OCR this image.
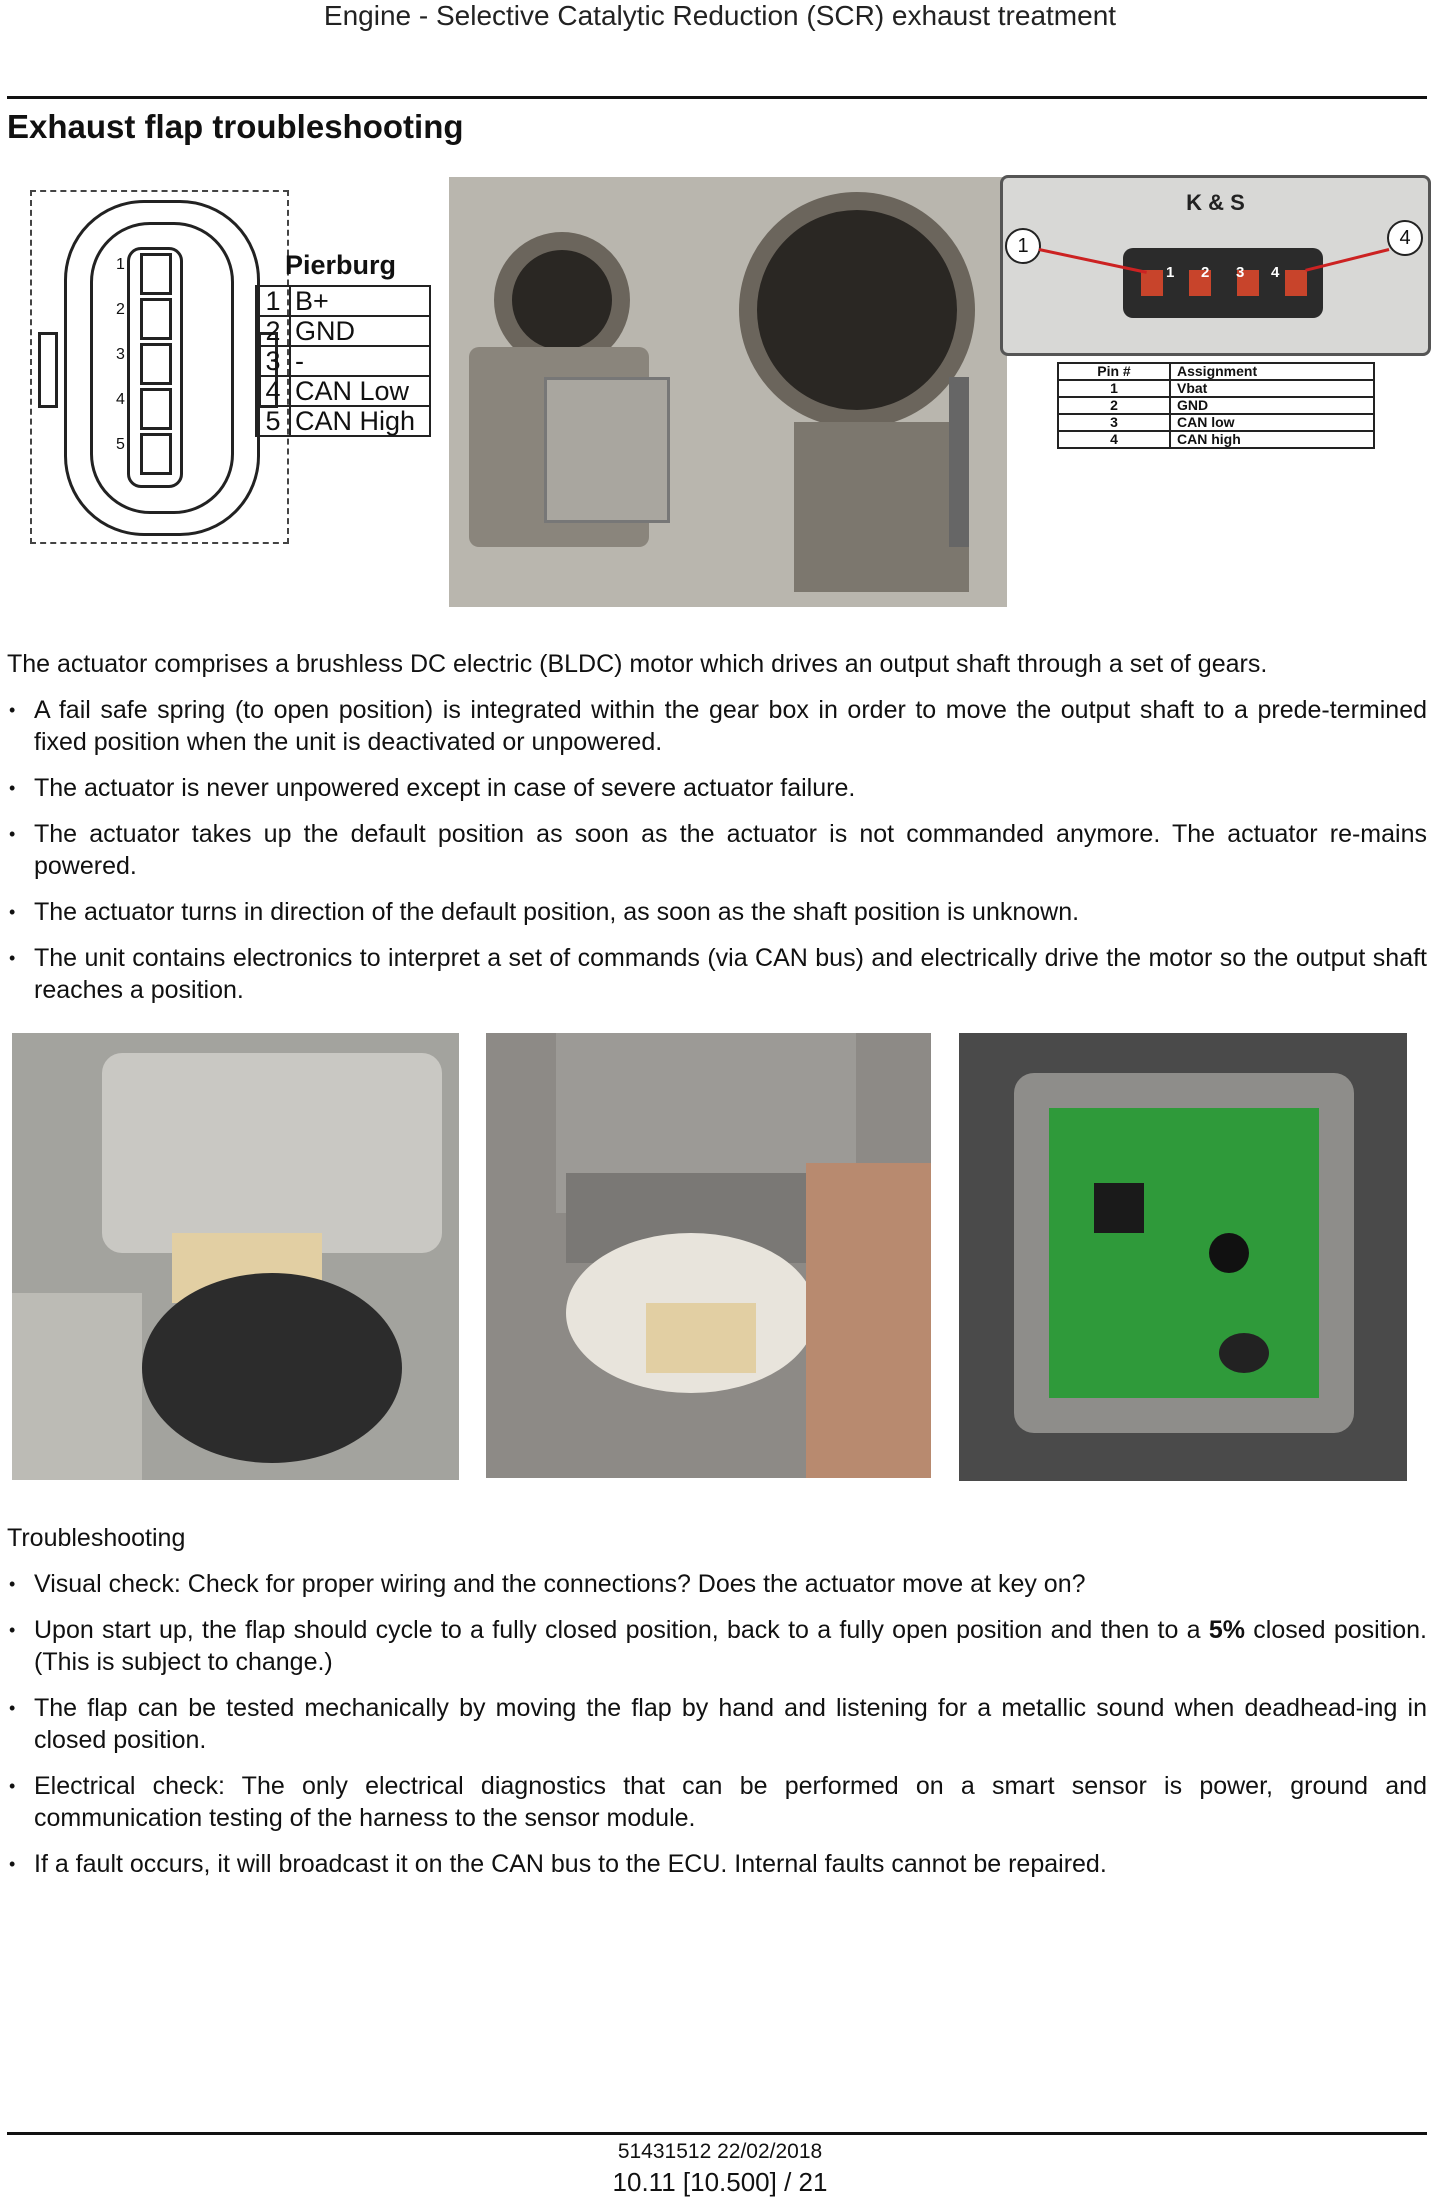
Engine - Selective Catalytic Reduction (SCR) exhaust treatment
Exhaust flap troubleshooting
1
2
3
4
5
Pierburg
1	B+
2	GND
3	-
4	CAN Low
5	CAN High
K & S
1 2 3 4
1	4
Pin #	Assignment
1	Vbat
2	GND
3	CAN low
4	CAN high
The actuator comprises a brushless DC electric (BLDC) motor which drives an output shaft through a set of gears.
• A fail safe spring (to open position) is integrated within the gear box in order to move the output shaft to a prede-termined fixed position when the unit is deactivated or unpowered.
• The actuator is never unpowered except in case of severe actuator failure.
• The actuator takes up the default position as soon as the actuator is not commanded anymore. The actuator re-mains powered.
• The actuator turns in direction of the default position, as soon as the shaft position is unknown.
• The unit contains electronics to interpret a set of commands (via CAN bus) and electrically drive the motor so the output shaft reaches a position.
Troubleshooting
• Visual check: Check for proper wiring and the connections? Does the actuator move at key on?
• Upon start up, the flap should cycle to a fully closed position, back to a fully open position and then to a 5% closed position. (This is subject to change.)
• The flap can be tested mechanically by moving the flap by hand and listening for a metallic sound when deadhead-ing in closed position.
• Electrical check: The only electrical diagnostics that can be performed on a smart sensor is power, ground and communication testing of the harness to the sensor module.
• If a fault occurs, it will broadcast it on the CAN bus to the ECU. Internal faults cannot be repaired.
51431512 22/02/2018
10.11 [10.500] / 21
